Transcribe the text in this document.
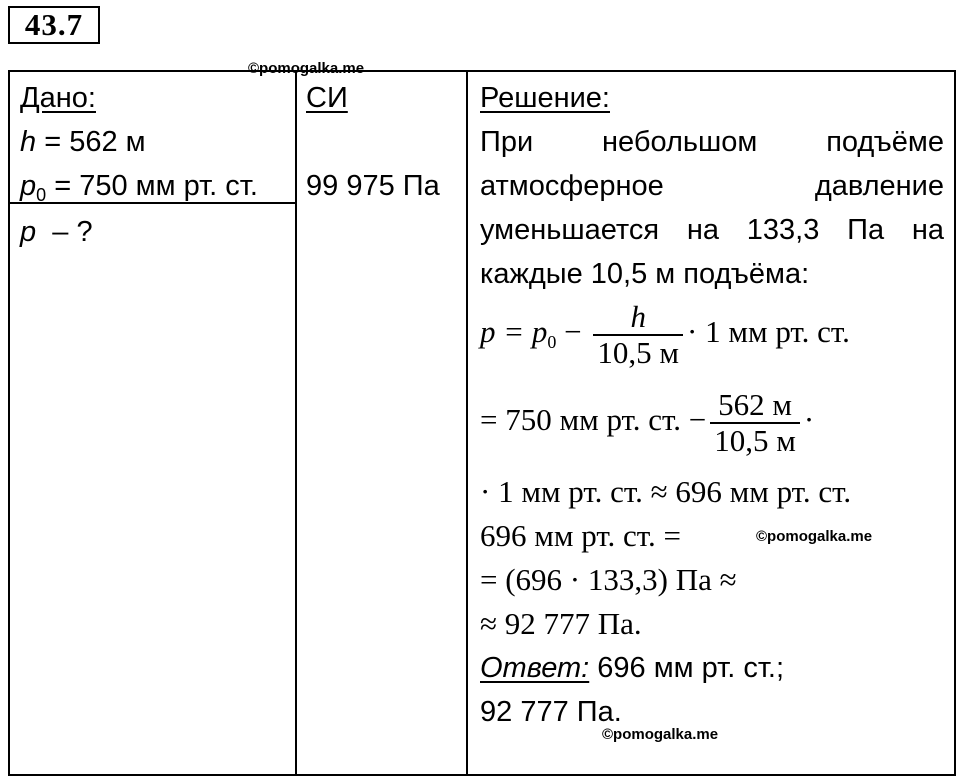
43.7
Дано:
h = 562 м
$p_0 = 750$ мм рт. ст.
p  – ?
СИ
99 975 Па
Решение:
При небольшом подъёме
атмосферное давление
уменьшается на 133,3 Па на
каждые 10,5 м подъёма:
$p = p_0 - \frac{h}{10,5 м} \cdot 1$ мм рт. ст.
= 750 мм рт. ст. − $\frac{562 м}{10,5 м}$ ·
· 1 мм рт. ст. ≈ 696 мм рт. ст.
696 мм рт. ст. =
= (696 · 133,3) Па ≈
≈ 92 777 Па.
Ответ: 696 мм рт. ст.;
92 777 Па.
©pomogalka.me
©pomogalka.me
©pomogalka.me
